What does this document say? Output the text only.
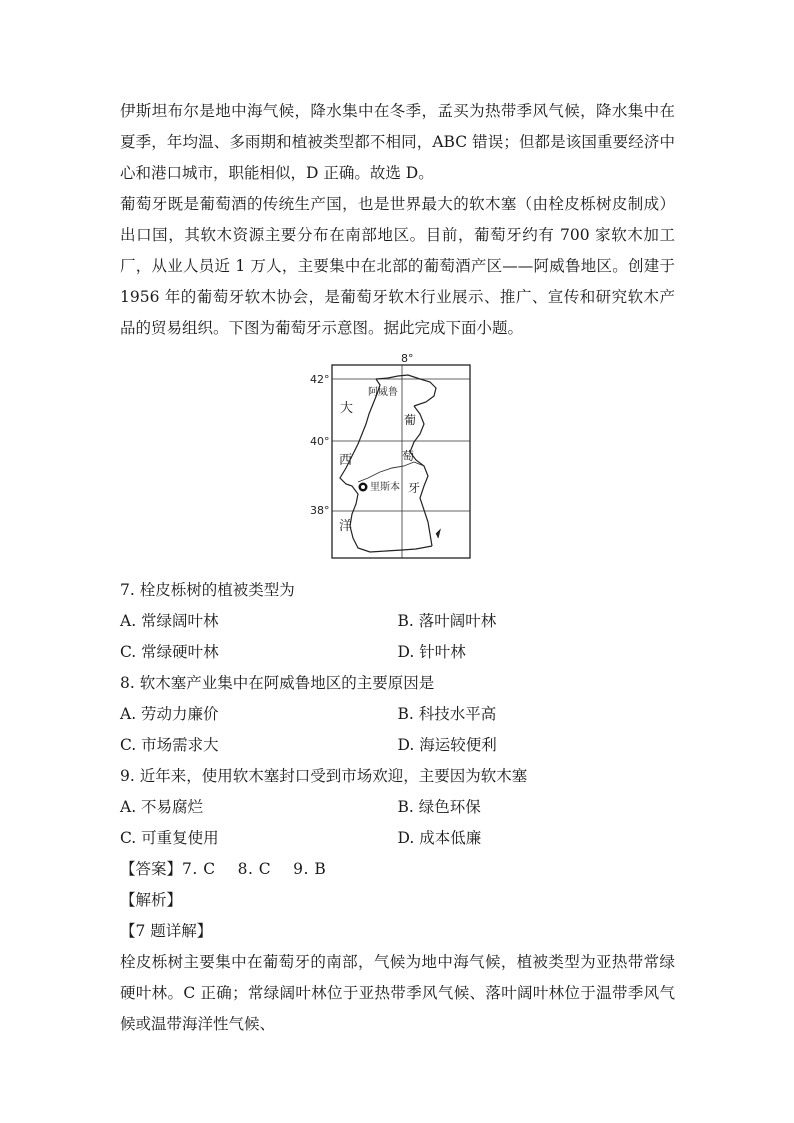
伊斯坦布尔是地中海气候，降水集中在冬季，孟买为热带季风气候，降水集中在夏季，年均温、多雨期和植被类型都不相同，ABC 错误；但都是该国重要经济中心和港口城市，职能相似，D 正确。故选 D。

葡萄牙既是葡萄酒的传统生产国，也是世界最大的软木塞（由栓皮栎树皮制成）出口国，其软木资源主要分布在南部地区。目前，葡萄牙约有 700 家软木加工厂，从业人员近 1 万人，主要集中在北部的葡萄酒产区——阿威鲁地区。创建于 1956 年的葡萄牙软木协会，是葡萄牙软木行业展示、推广、宣传和研究软木产品的贸易组织。下图为葡萄牙示意图。据此完成下面小题。

8°
42°
40°
38°
阿威鲁
里斯本
大
西
洋
葡
萄
牙

7. 栓皮栎树的植被类型为

A. 常绿阔叶林	B. 落叶阔叶林
C. 常绿硬叶林	D. 针叶林

8. 软木塞产业集中在阿威鲁地区的主要原因是

A. 劳动力廉价	B. 科技水平高
C. 市场需求大	D. 海运较便利

9. 近年来，使用软木塞封口受到市场欢迎，主要因为软木塞

A. 不易腐烂	B. 绿色环保
C. 可重复使用	D. 成本低廉

【答案】7. C 8. C 9. B

【解析】

【7 题详解】

栓皮栎树主要集中在葡萄牙的南部，气候为地中海气候，植被类型为亚热带常绿硬叶林。C 正确；常绿阔叶林位于亚热带季风气候、落叶阔叶林位于温带季风气候或温带海洋性气候、
